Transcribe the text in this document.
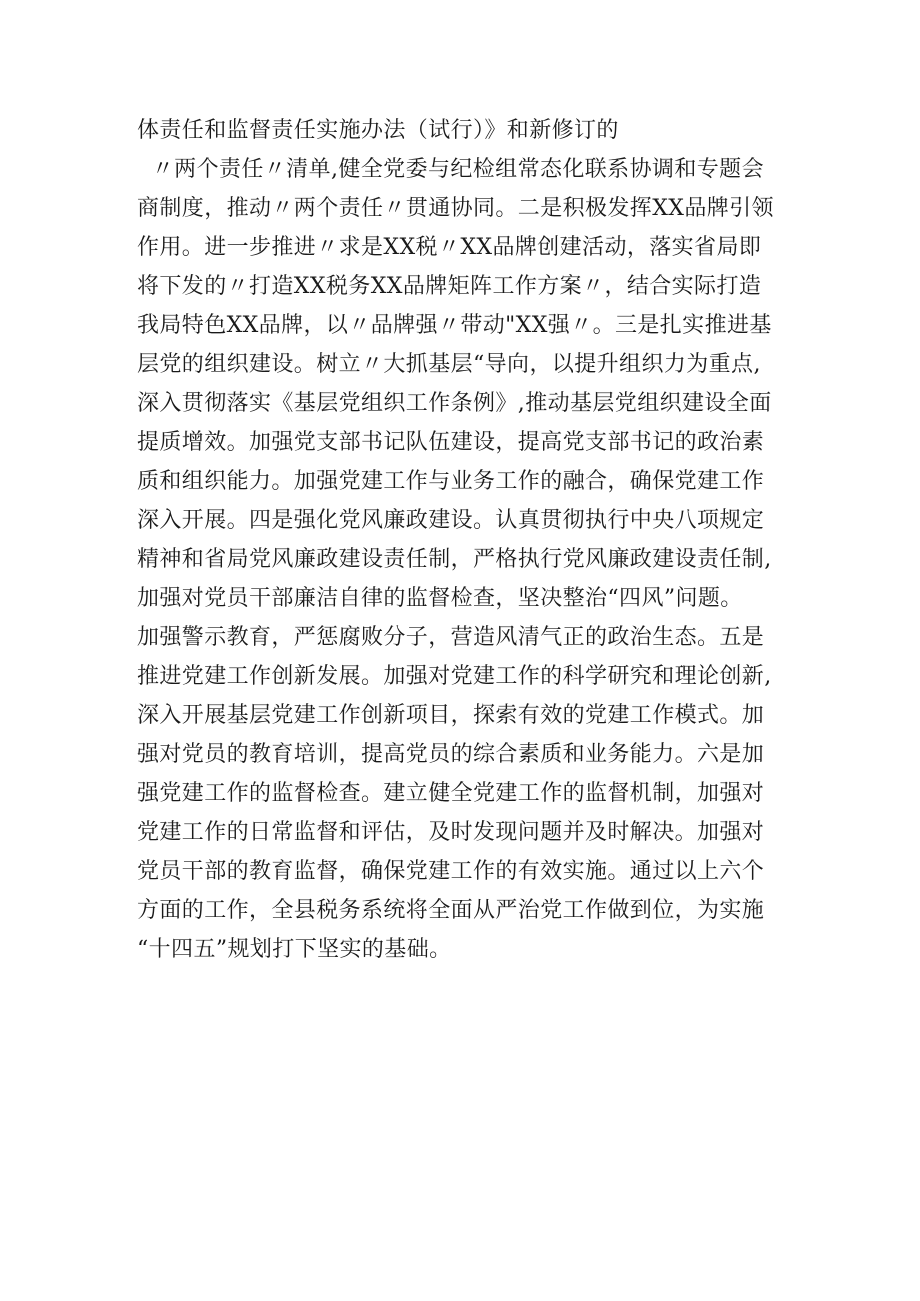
体责任和监督责任实施办法（试行）》和新修订的
〃两个责任〃清单,健全党委与纪检组常态化联系协调和专题会
商制度，推动〃两个责任〃贯通协同。二是积极发挥XX品牌引领
作用。进一步推进〃求是XX税〃XX品牌创建活动，落实省局即
将下发的〃打造XX税务XX品牌矩阵工作方案〃，结合实际打造
我局特色XX品牌，以〃品牌强〃带动"XX强〃。三是扎实推进基
层党的组织建设。树立〃大抓基层“导向，以提升组织力为重点,
深入贯彻落实《基层党组织工作条例》,推动基层党组织建设全面
提质增效。加强党支部书记队伍建设，提高党支部书记的政治素
质和组织能力。加强党建工作与业务工作的融合，确保党建工作
深入开展。四是强化党风廉政建设。认真贯彻执行中央八项规定
精神和省局党风廉政建设责任制，严格执行党风廉政建设责任制,
加强对党员干部廉洁自律的监督检查，坚决整治“四风”问题。
加强警示教育，严惩腐败分子，营造风清气正的政治生态。五是
推进党建工作创新发展。加强对党建工作的科学研究和理论创新,
深入开展基层党建工作创新项目，探索有效的党建工作模式。加
强对党员的教育培训，提高党员的综合素质和业务能力。六是加
强党建工作的监督检查。建立健全党建工作的监督机制，加强对
党建工作的日常监督和评估，及时发现问题并及时解决。加强对
党员干部的教育监督，确保党建工作的有效实施。通过以上六个
方面的工作，全县税务系统将全面从严治党工作做到位，为实施
“十四五”规划打下坚实的基础。
